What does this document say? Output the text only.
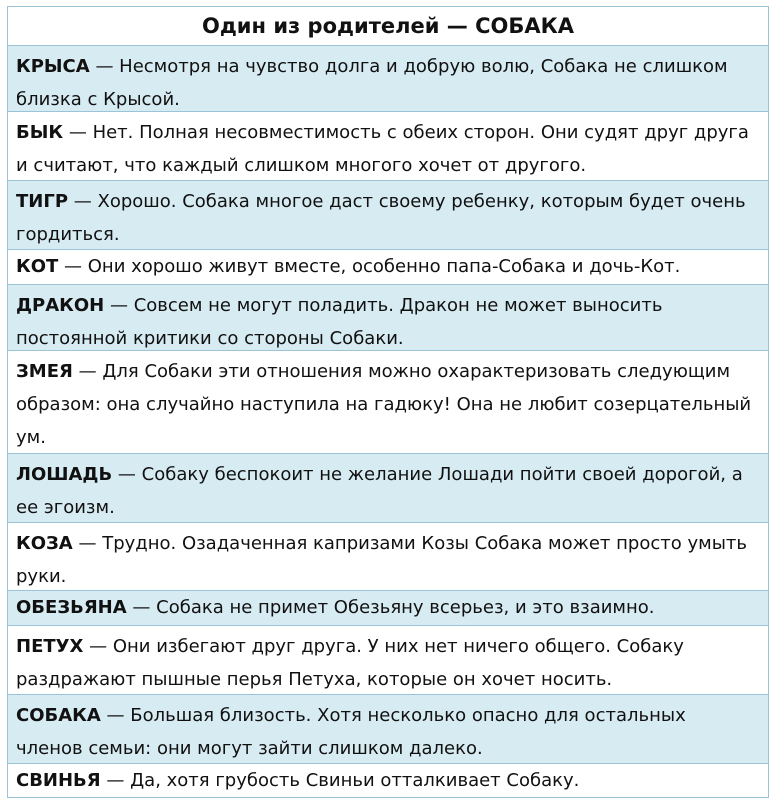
Один из родителей — СОБАКА
КРЫСА — Несмотря на чувство долга и добрую волю, Собака не слишком близка с Крысой.
БЫК — Нет. Полная несовместимость с обеих сторон. Они судят друг друга и считают, что каждый слишком многого хочет от другого.
ТИГР — Хорошо. Собака многое даст своему ребенку, которым будет очень гордиться.
КОТ — Они хорошо живут вместе, особенно папа-Собака и дочь-Кот.
ДРАКОН — Совсем не могут поладить. Дракон не может выносить постоянной критики со стороны Собаки.
ЗМЕЯ — Для Собаки эти отношения можно охарактеризовать следующим образом: она случайно наступила на гадюку! Она не любит созерцательный ум.
ЛОШАДЬ — Собаку беспокоит не желание Лошади пойти своей дорогой, а ее эгоизм.
КОЗА — Трудно. Озадаченная капризами Козы Собака может просто умыть руки.
ОБЕЗЬЯНА — Собака не примет Обезьяну всерьез, и это взаимно.
ПЕТУХ — Они избегают друг друга. У них нет ничего общего. Собаку раздражают пышные перья Петуха, которые он хочет носить.
СОБАКА — Большая близость. Хотя несколько опасно для остальных членов семьи: они могут зайти слишком далеко.
СВИНЬЯ — Да, хотя грубость Свиньи отталкивает Собаку.
